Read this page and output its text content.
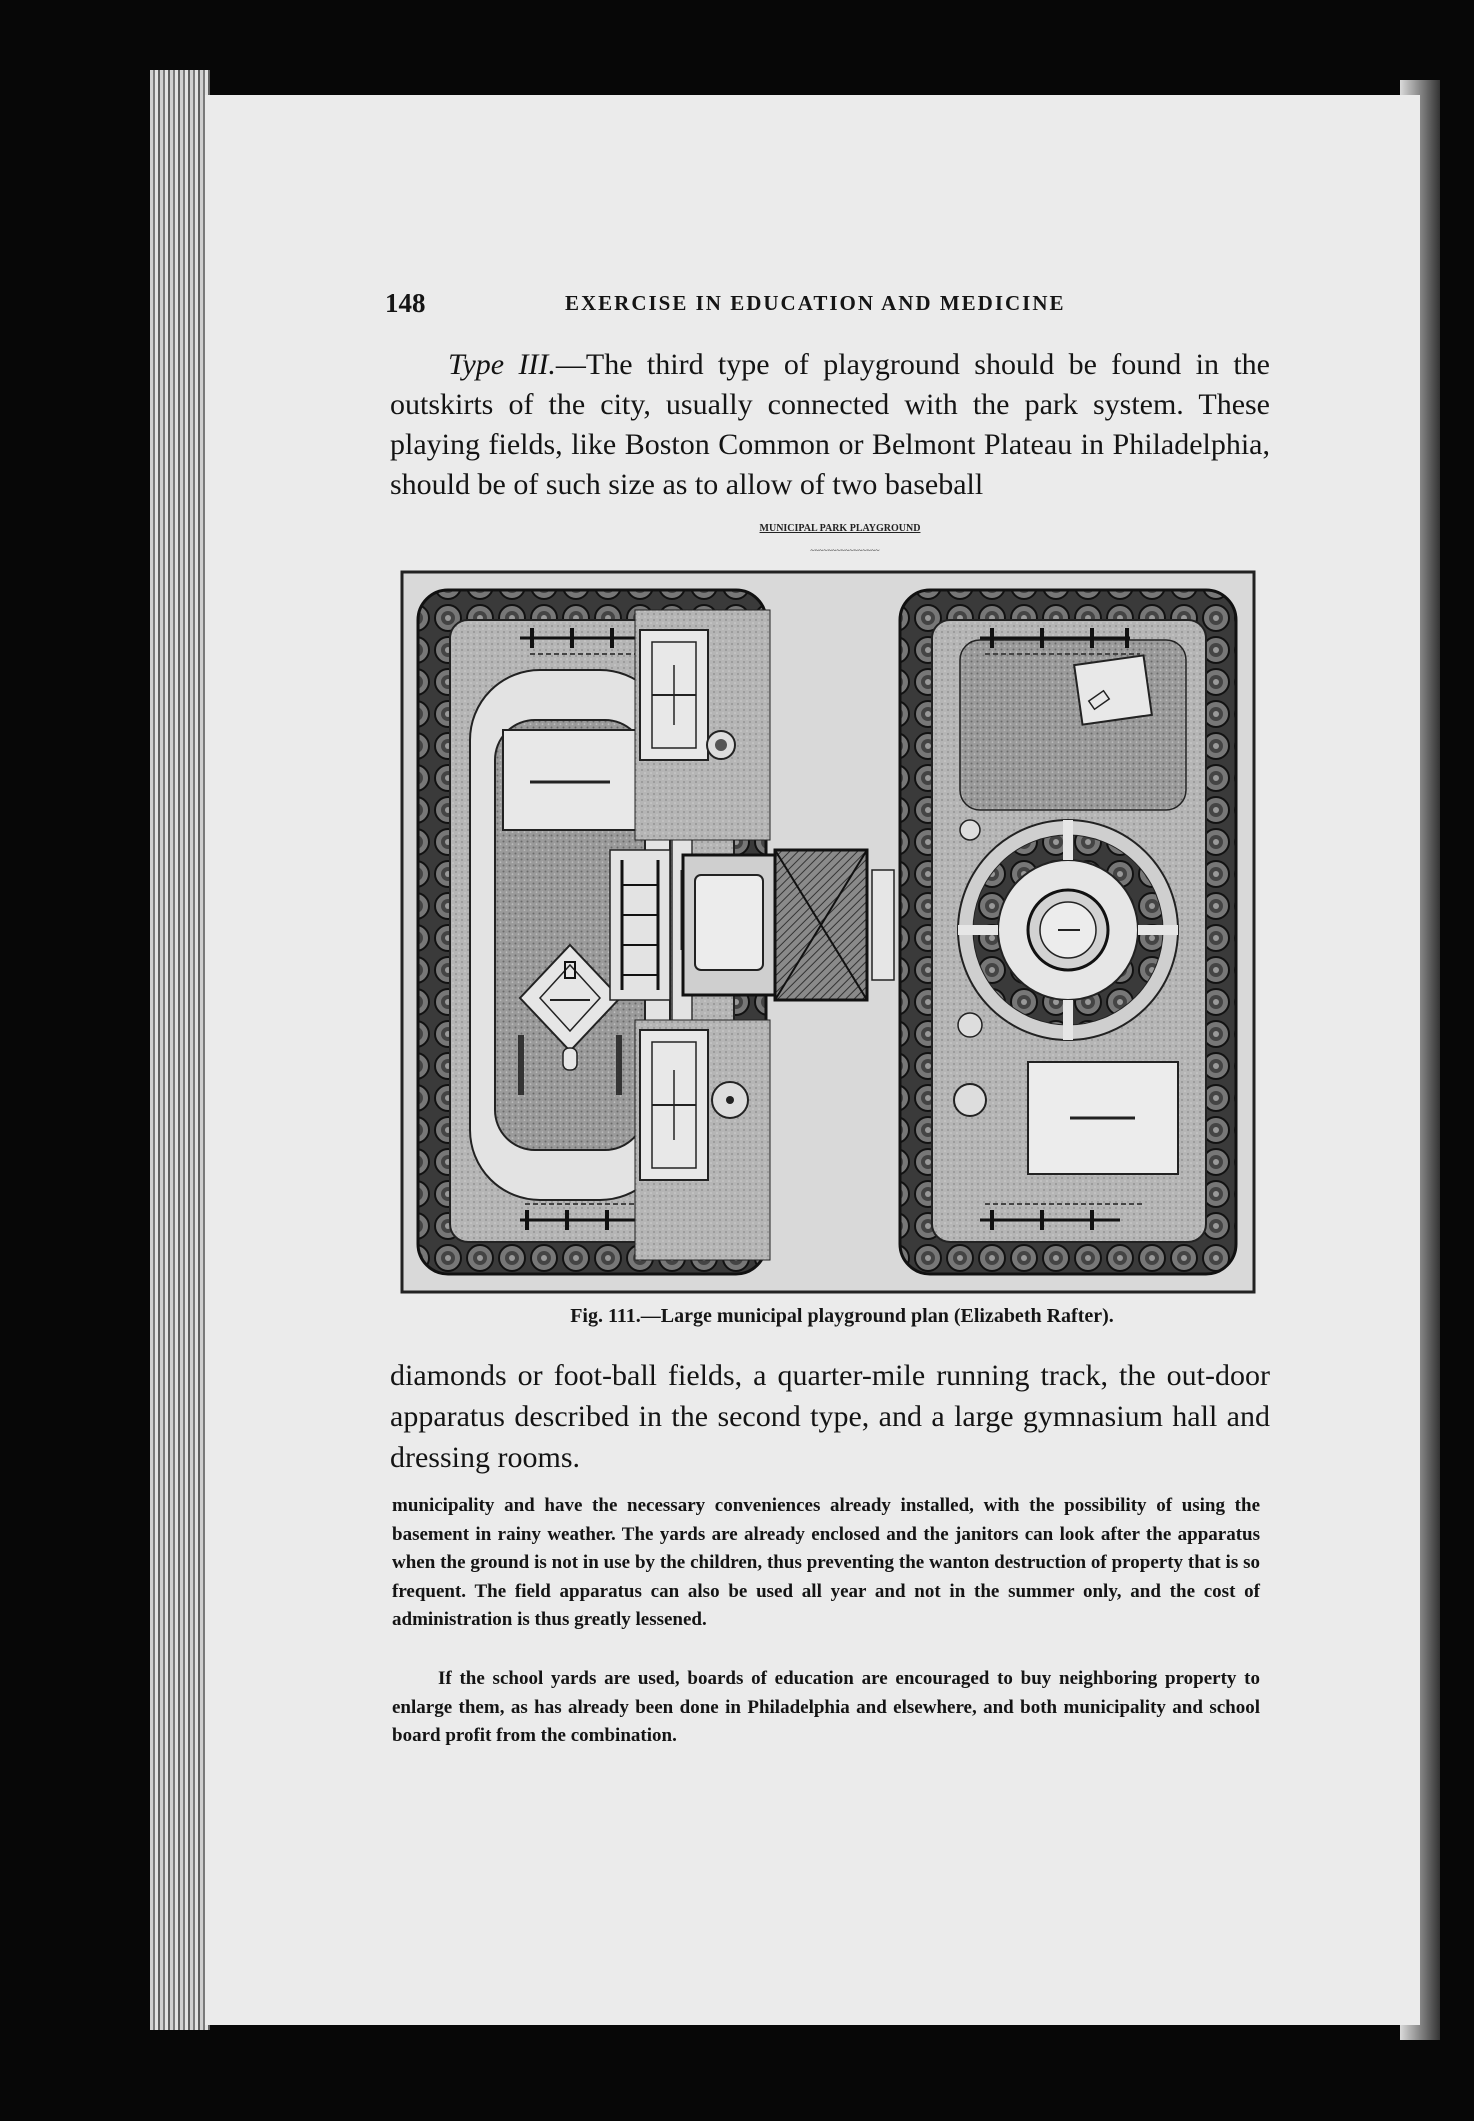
148	EXERCISE IN EDUCATION AND MEDICINE

Type III.—The third type of playground should be found in the outskirts of the city, usually connected with the park system. These playing fields, like Boston Common or Belmont Plateau in Philadelphia, should be of such size as to allow of two baseball

MUNICIPAL PARK PLAYGROUND
~~~~~~~~~~~~~~~~

Fig. 111.—Large municipal playground plan (Elizabeth Rafter).

diamonds or foot-ball fields, a quarter-mile running track, the out-door apparatus described in the second type, and a large gymnasium hall and dressing rooms.

municipality and have the necessary conveniences already installed, with the possibility of using the basement in rainy weather. The yards are already enclosed and the janitors can look after the apparatus when the ground is not in use by the children, thus preventing the wanton destruction of property that is so frequent. The field apparatus can also be used all year and not in the summer only, and the cost of administration is thus greatly lessened.

If the school yards are used, boards of education are encouraged to buy neighboring property to enlarge them, as has already been done in Philadelphia and elsewhere, and both municipality and school board profit from the combination.
